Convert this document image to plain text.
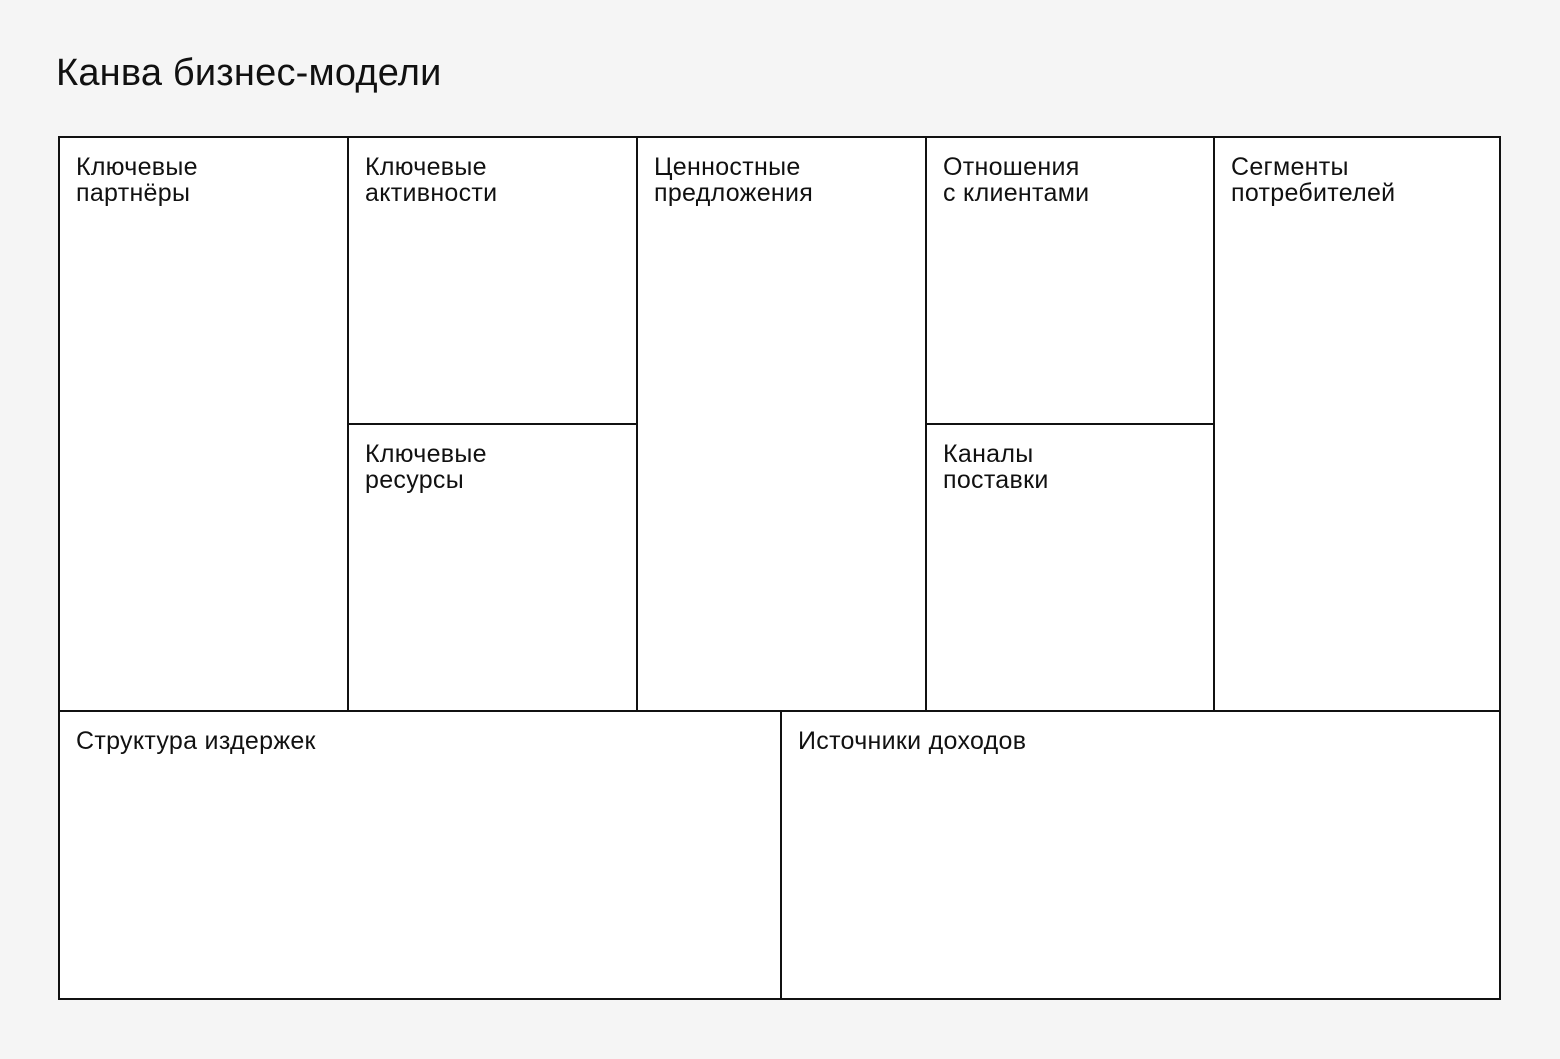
Канва бизнес-модели
Ключевые
партнёры
Ключевые
активности
Ключевые
ресурсы
Ценностные
предложения
Отношения
с клиентами
Каналы
поставки
Сегменты
потребителей
Структура издержек	Источники доходов
